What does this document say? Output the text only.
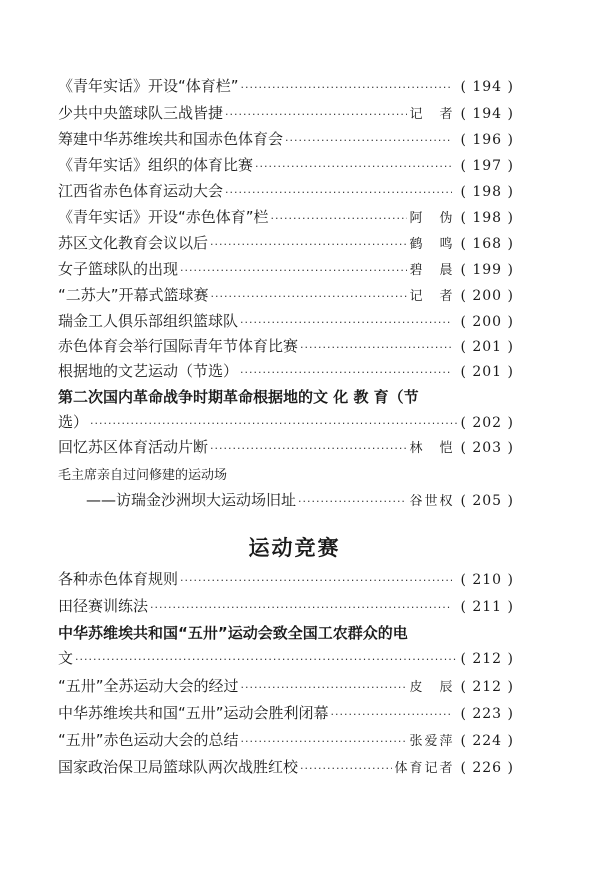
《青年实话》开设“体育栏” ·····	( 194 )
少共中央篮球队三战皆捷 ·····	记　者 ( 194 )
筹建中华苏维埃共和国赤色体育会 ·····	( 196 )
《青年实话》组织的体育比赛 ·····	( 197 )
江西省赤色体育运动大会 ·····	( 198 )
《青年实话》开设“赤色体育”栏 ·····	阿　伪 ( 198 )
苏区文化教育会议以后 ·····	鹤　鸣 ( 168 )
女子篮球队的出现 ·····	碧　晨 ( 199 )
“二苏大”开幕式篮球赛 ·····	记　者 ( 200 )
瑞金工人俱乐部组织篮球队 ·····	( 200 )
赤色体育会举行国际青年节体育比赛 ·····	( 201 )
根据地的文艺运动（节选） ·····	( 201 )
第二次国内革命战争时期革命根据地的文 化 教 育（节
选） ·····	( 202 )
回忆苏区体育活动片断 ·····	林　恺 ( 203 )
毛主席亲自过问修建的运动场
——访瑞金沙洲坝大运动场旧址 ·····	谷世权 ( 205 )
运动竞赛
各种赤色体育规则 ·····	( 210 )
田径赛训练法 ·····	( 211 )
中华苏维埃共和国“五卅”运动会致全国工农群众的电
文 ·····	( 212 )
“五卅”全苏运动大会的经过 ·····	皮　辰 ( 212 )
中华苏维埃共和国“五卅”运动会胜利闭幕 ·····	( 223 )
“五卅”赤色运动大会的总结 ·····	张爱萍 ( 224 )
国家政治保卫局篮球队两次战胜红校 ·····	体育记者 ( 226 )
